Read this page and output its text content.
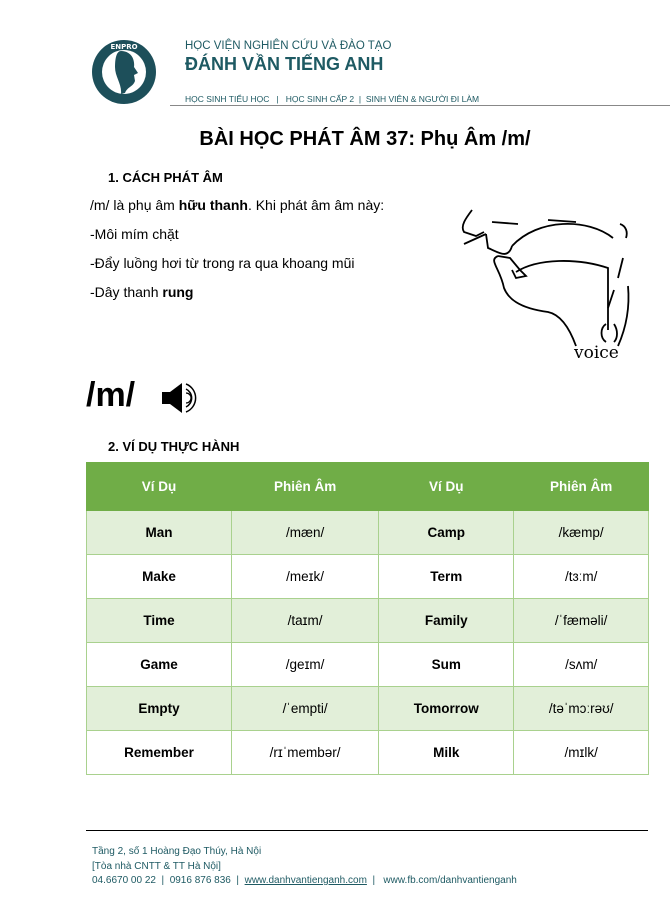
ENPRO	HỌC VIỆN NGHIÊN CỨU VÀ ĐÀO TẠO
ĐÁNH VẦN TIẾNG ANH
HỌC SINH TIỂU HỌC | HỌC SINH CẤP 2 | SINH VIÊN & NGƯỜI ĐI LÀM
BÀI HỌC PHÁT ÂM 37: Phụ Âm /m/
1. CÁCH PHÁT ÂM
/m/ là phụ âm hữu thanh. Khi phát âm âm này:
-Môi mím chặt
-Đẩy luồng hơi từ trong ra qua khoang mũi
-Dây thanh rung
voice
/m/
2. VÍ DỤ THỰC HÀNH
Ví Dụ	Phiên Âm	Ví Dụ	Phiên Âm
Man	/mæn/	Camp	/kæmp/
Make	/meɪk/	Term	/tɜːm/
Time	/taɪm/	Family	/ˈfæməli/
Game	/geɪm/	Sum	/sʌm/
Empty	/ˈempti/	Tomorrow	/təˈmɔːrəʊ/
Remember	/rɪˈmembər/	Milk	/mɪlk/
Tầng 2, số 1 Hoàng Đạo Thúy, Hà Nội
[Tòa nhà CNTT & TT Hà Nội]
04.6670 00 22 | 0916 876 836 | www.danhvantienganh.com | www.fb.com/danhvantienganh
